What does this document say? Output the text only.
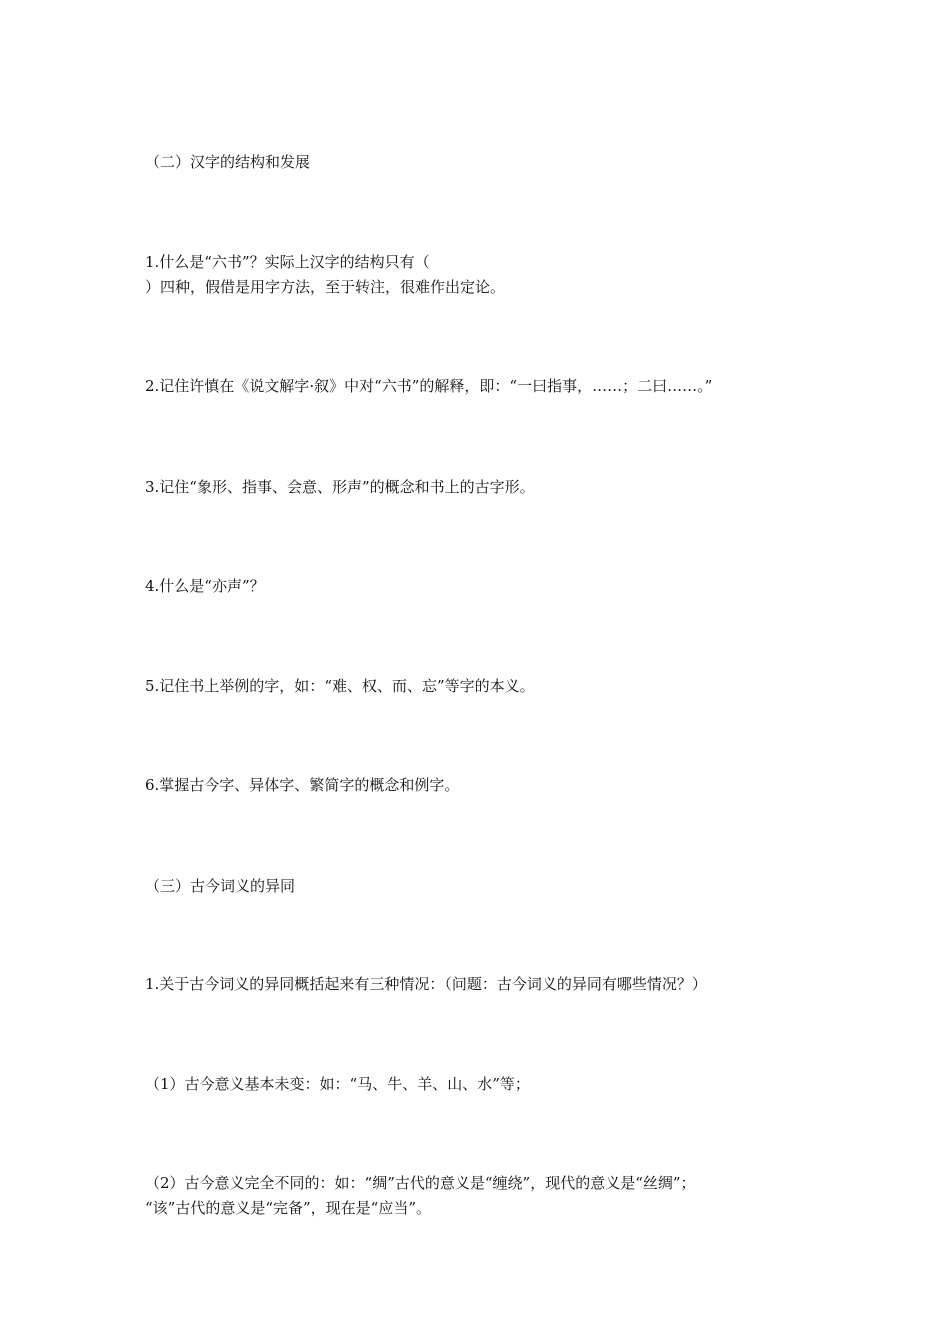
（二）汉字的结构和发展

1.什么是“六书”？实际上汉字的结构只有（

）四种，假借是用字方法，至于转注，很难作出定论。

2.记住许慎在《说文解字·叙》中对“六书”的解释，即：“一曰指事，……；二曰……。”

3.记住“象形、指事、会意、形声”的概念和书上的古字形。

4.什么是“亦声”？

5.记住书上举例的字，如：“难、权、而、忘”等字的本义。

6.掌握古今字、异体字、繁简字的概念和例字。

（三）古今词义的异同

1.关于古今词义的异同概括起来有三种情况：（问题：古今词义的异同有哪些情况？）

（1）古今意义基本未变：如：“马、牛、羊、山、水”等；

（2）古今意义完全不同的：如：“绸”古代的意义是“缠绕”，现代的意义是“丝绸”；

“该”古代的意义是“完备”，现在是“应当”。
